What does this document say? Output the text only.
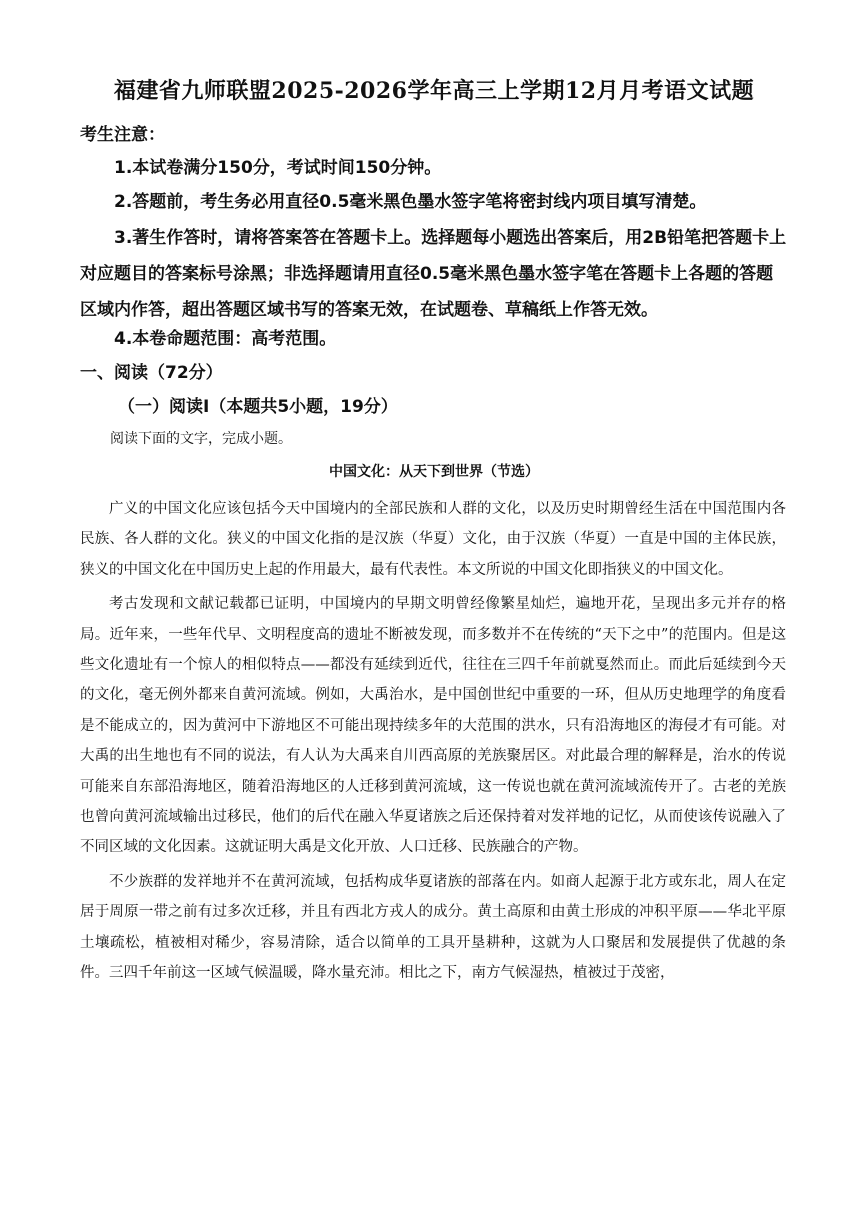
福建省九师联盟2025-2026学年高三上学期12月月考语文试题
考生注意：
1.本试卷满分150分，考试时间150分钟。
2.答题前，考生务必用直径0.5毫米黑色墨水签字笔将密封线内项目填写清楚。
3.著生作答时，请将答案答在答题卡上。选择题每小题选出答案后，用2B铅笔把答题卡上对应题目的答案标号涂黑；非选择题请用直径0.5毫米黑色墨水签字笔在答题卡上各题的答题区域内作答，超出答题区域书写的答案无效，在试题卷、草稿纸上作答无效。
4.本卷命题范围：高考范围。
一、阅读（72分）
（一）阅读Ⅰ（本题共5小题，19分）
阅读下面的文字，完成小题。
中国文化：从天下到世界（节选）

广义的中国文化应该包括今天中国境内的全部民族和人群的文化，以及历史时期曾经生活在中国范围内各民族、各人群的文化。狭义的中国文化指的是汉族（华夏）文化，由于汉族（华夏）一直是中国的主体民族，狭义的中国文化在中国历史上起的作用最大，最有代表性。本文所说的中国文化即指狭义的中国文化。

考古发现和文献记载都已证明，中国境内的早期文明曾经像繁星灿烂，遍地开花，呈现出多元并存的格局。近年来，一些年代早、文明程度高的遗址不断被发现，而多数并不在传统的“天下之中”的范围内。但是这些文化遗址有一个惊人的相似特点——都没有延续到近代，往往在三四千年前就戛然而止。而此后延续到今天的文化，毫无例外都来自黄河流域。例如，大禹治水，是中国创世纪中重要的一环，但从历史地理学的角度看是不能成立的，因为黄河中下游地区不可能出现持续多年的大范围的洪水，只有沿海地区的海侵才有可能。对大禹的出生地也有不同的说法，有人认为大禹来自川西高原的羌族聚居区。对此最合理的解释是，治水的传说可能来自东部沿海地区，随着沿海地区的人迁移到黄河流域，这一传说也就在黄河流域流传开了。古老的羌族也曾向黄河流域输出过移民，他们的后代在融入华夏诸族之后还保持着对发祥地的记忆，从而使该传说融入了不同区域的文化因素。这就证明大禹是文化开放、人口迁移、民族融合的产物。

不少族群的发祥地并不在黄河流域，包括构成华夏诸族的部落在内。如商人起源于北方或东北，周人在定居于周原一带之前有过多次迁移，并且有西北方戎人的成分。黄土高原和由黄土形成的冲积平原——华北平原土壤疏松，植被相对稀少，容易清除，适合以简单的工具开垦耕种，这就为人口聚居和发展提供了优越的条件。三四千年前这一区域气候温暖，降水量充沛。相比之下，南方气候湿热，植被过于茂密，
